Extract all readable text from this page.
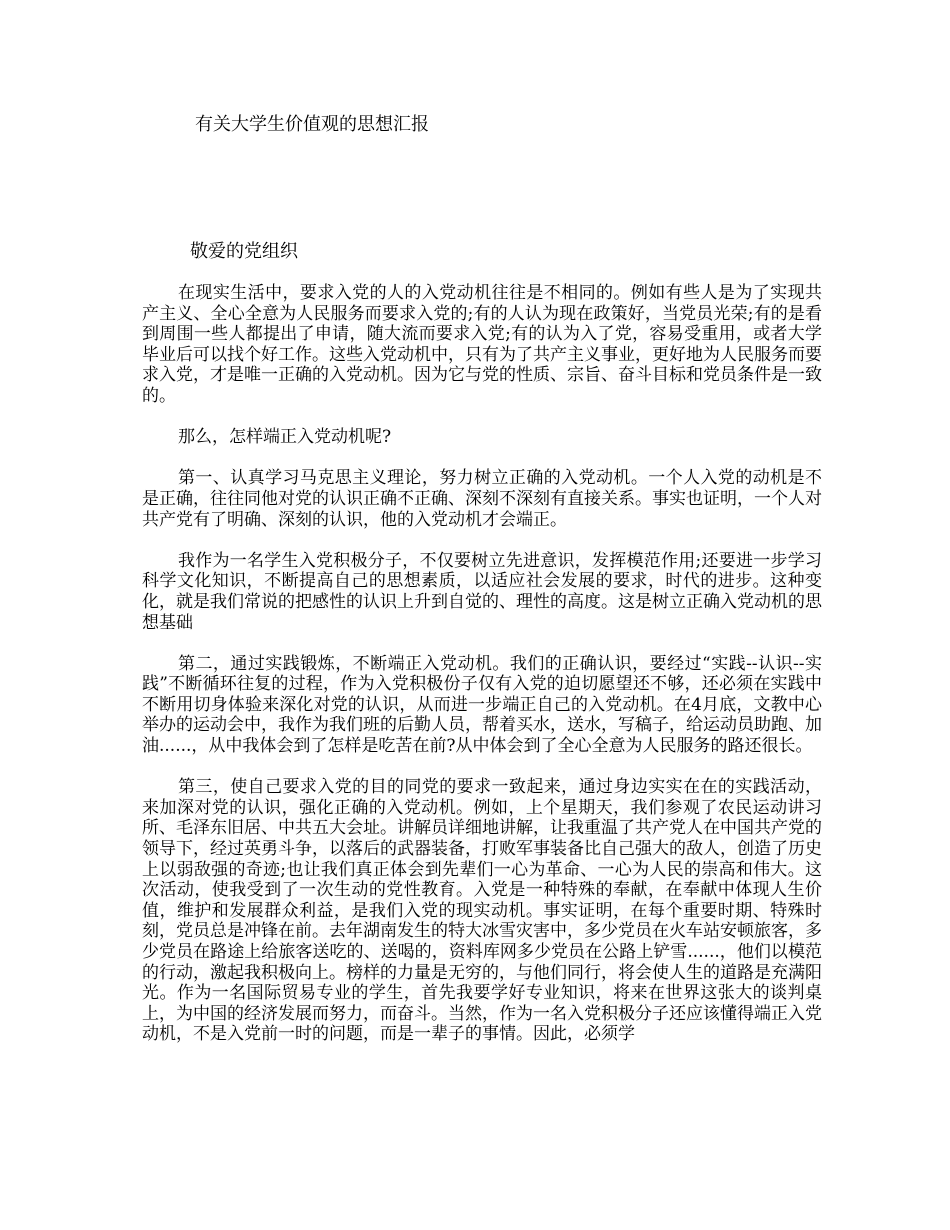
有关大学生价值观的思想汇报

敬爱的党组织

在现实生活中，要求入党的人的入党动机往往是不相同的。例如有些人是为了实现共产主义、全心全意为人民服务而要求入党的;有的人认为现在政策好，当党员光荣;有的是看到周围一些人都提出了申请，随大流而要求入党;有的认为入了党，容易受重用，或者大学毕业后可以找个好工作。这些入党动机中，只有为了共产主义事业，更好地为人民服务而要求入党，才是唯一正确的入党动机。因为它与党的性质、宗旨、奋斗目标和党员条件是一致的。

那么，怎样端正入党动机呢?

第一、认真学习马克思主义理论，努力树立正确的入党动机。一个人入党的动机是不是正确，往往同他对党的认识正确不正确、深刻不深刻有直接关系。事实也证明，一个人对共产党有了明确、深刻的认识，他的入党动机才会端正。

我作为一名学生入党积极分子，不仅要树立先进意识，发挥模范作用;还要进一步学习科学文化知识，不断提高自己的思想素质，以适应社会发展的要求，时代的进步。这种变化，就是我们常说的把感性的认识上升到自觉的、理性的高度。这是树立正确入党动机的思想基础

第二，通过实践锻炼，不断端正入党动机。我们的正确认识，要经过“实践--认识--实践”不断循环往复的过程，作为入党积极份子仅有入党的迫切愿望还不够，还必须在实践中不断用切身体验来深化对党的认识，从而进一步端正自己的入党动机。在4月底，文教中心举办的运动会中，我作为我们班的后勤人员，帮着买水，送水，写稿子，给运动员助跑、加油......，从中我体会到了怎样是吃苦在前?从中体会到了全心全意为人民服务的路还很长。

第三，使自己要求入党的目的同党的要求一致起来，通过身边实实在在的实践活动，来加深对党的认识，强化正确的入党动机。例如，上个星期天，我们参观了农民运动讲习所、毛泽东旧居、中共五大会址。讲解员详细地讲解，让我重温了共产党人在中国共产党的领导下，经过英勇斗争，以落后的武器装备，打败军事装备比自己强大的敌人，创造了历史上以弱敌强的奇迹;也让我们真正体会到先辈们一心为革命、一心为人民的崇高和伟大。这次活动，使我受到了一次生动的党性教育。入党是一种特殊的奉献，在奉献中体现人生价值，维护和发展群众利益，是我们入党的现实动机。事实证明，在每个重要时期、特殊时刻，党员总是冲锋在前。去年湖南发生的特大冰雪灾害中，多少党员在火车站安顿旅客，多少党员在路途上给旅客送吃的、送喝的，资料库网多少党员在公路上铲雪......，他们以模范的行动，激起我积极向上。榜样的力量是无穷的，与他们同行，将会使人生的道路是充满阳光。作为一名国际贸易专业的学生，首先我要学好专业知识，将来在世界这张大的谈判桌上，为中国的经济发展而努力，而奋斗。当然，作为一名入党积极分子还应该懂得端正入党动机，不是入党前一时的问题，而是一辈子的事情。因此，必须学
